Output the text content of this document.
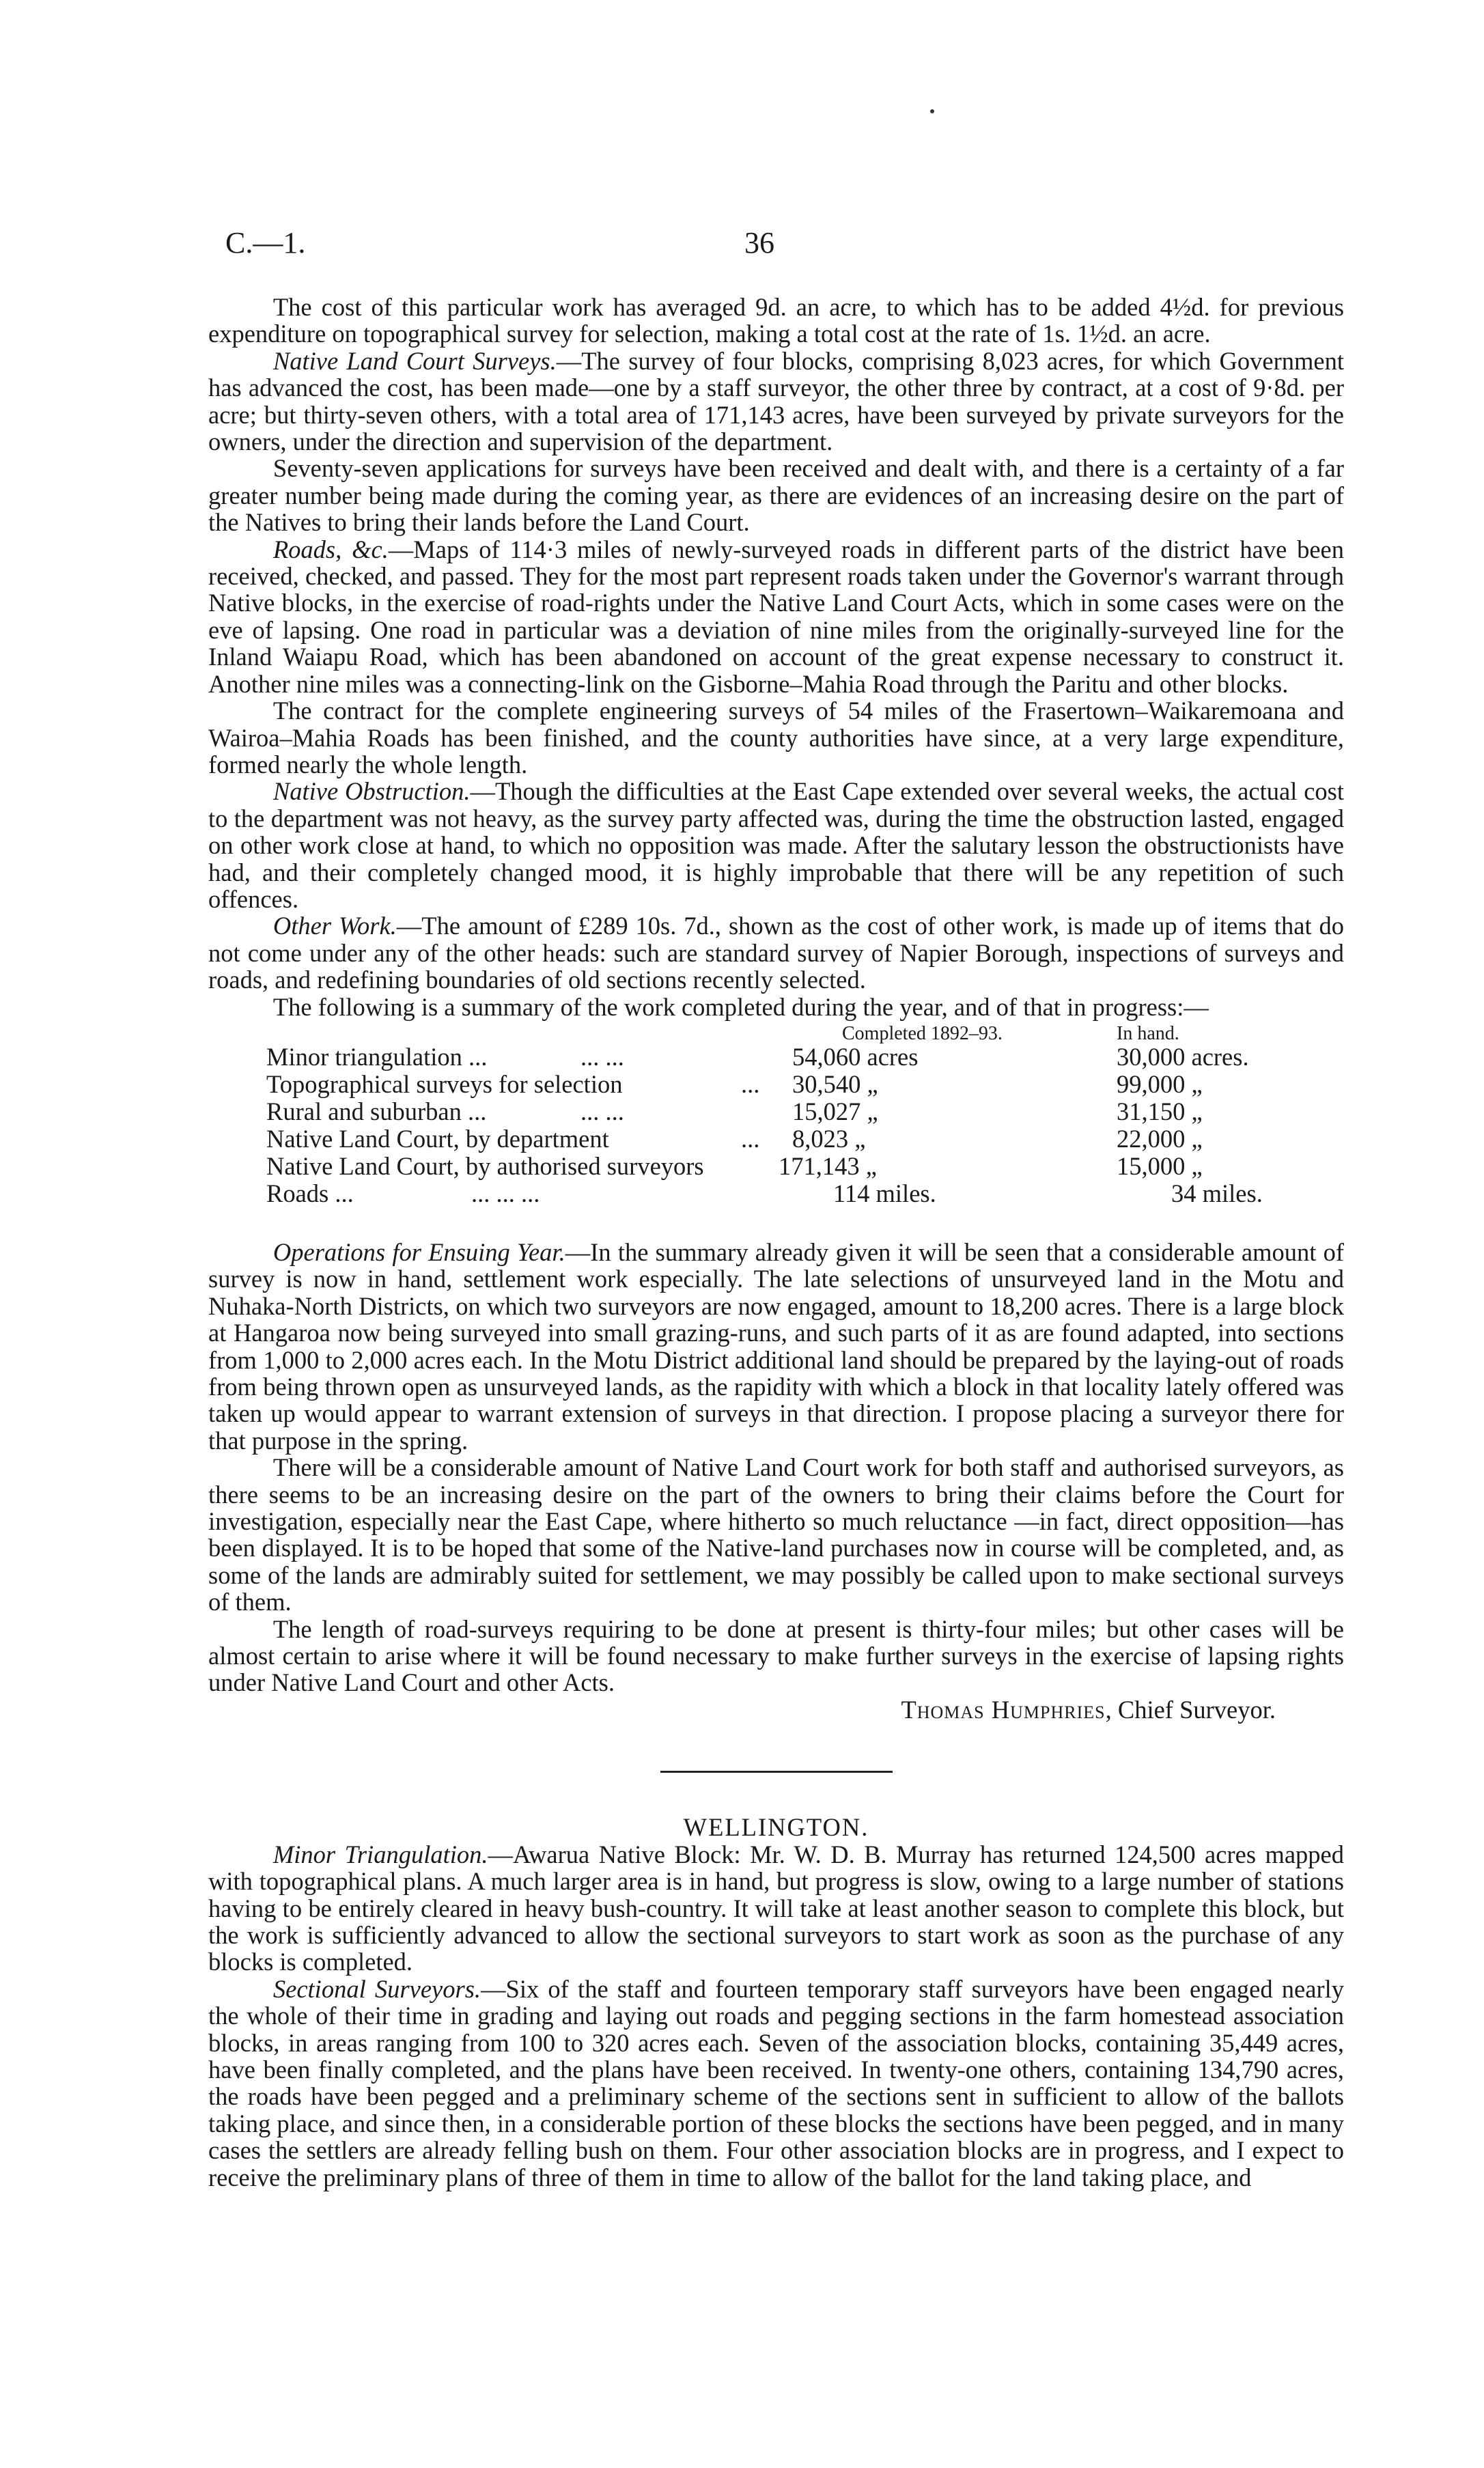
C.—1.	36

The cost of this particular work has averaged 9d. an acre, to which has to be added 4½d. for previous expenditure on topographical survey for selection, making a total cost at the rate of 1s. 1½d. an acre.

Native Land Court Surveys.—The survey of four blocks, comprising 8,023 acres, for which Government has advanced the cost, has been made—one by a staff surveyor, the other three by contract, at a cost of 9·8d. per acre; but thirty-seven others, with a total area of 171,143 acres, have been surveyed by private surveyors for the owners, under the direction and supervision of the department.

Seventy-seven applications for surveys have been received and dealt with, and there is a certainty of a far greater number being made during the coming year, as there are evidences of an increasing desire on the part of the Natives to bring their lands before the Land Court.

Roads, &c.—Maps of 114·3 miles of newly-surveyed roads in different parts of the district have been received, checked, and passed. They for the most part represent roads taken under the Governor's warrant through Native blocks, in the exercise of road-rights under the Native Land Court Acts, which in some cases were on the eve of lapsing. One road in particular was a deviation of nine miles from the originally-surveyed line for the Inland Waiapu Road, which has been abandoned on account of the great expense necessary to construct it. Another nine miles was a connecting-link on the Gisborne–Mahia Road through the Paritu and other blocks.

The contract for the complete engineering surveys of 54 miles of the Frasertown–Waikaremoana and Wairoa–Mahia Roads has been finished, and the county authorities have since, at a very large expenditure, formed nearly the whole length.

Native Obstruction.—Though the difficulties at the East Cape extended over several weeks, the actual cost to the department was not heavy, as the survey party affected was, during the time the obstruction lasted, engaged on other work close at hand, to which no opposition was made. After the salutary lesson the obstructionists have had, and their completely changed mood, it is highly improbable that there will be any repetition of such offences.

Other Work.—The amount of £289 10s. 7d., shown as the cost of other work, is made up of items that do not come under any of the other heads: such are standard survey of Napier Borough, inspections of surveys and roads, and redefining boundaries of old sections recently selected.

The following is a summary of the work completed during the year, and of that in progress:—

Completed 1892–93.	In hand.
Minor triangulation ...	... ...	54,060 acres	30,000 acres.
Topographical surveys for selection	... 30,540 „	99,000 „
Rural and suburban ...	... ...	15,027 „	31,150 „
Native Land Court, by department	... 8,023 „	22,000 „
Native Land Court, by authorised surveyors	171,143 „	15,000 „
Roads ...	... ... ...	114 miles.	34 miles.

Operations for Ensuing Year.—In the summary already given it will be seen that a considerable amount of survey is now in hand, settlement work especially. The late selections of unsurveyed land in the Motu and Nuhaka-North Districts, on which two surveyors are now engaged, amount to 18,200 acres. There is a large block at Hangaroa now being surveyed into small grazing-runs, and such parts of it as are found adapted, into sections from 1,000 to 2,000 acres each. In the Motu District additional land should be prepared by the laying-out of roads from being thrown open as unsurveyed lands, as the rapidity with which a block in that locality lately offered was taken up would appear to warrant extension of surveys in that direction. I propose placing a surveyor there for that purpose in the spring.

There will be a considerable amount of Native Land Court work for both staff and authorised surveyors, as there seems to be an increasing desire on the part of the owners to bring their claims before the Court for investigation, especially near the East Cape, where hitherto so much reluctance —in fact, direct opposition—has been displayed. It is to be hoped that some of the Native-land purchases now in course will be completed, and, as some of the lands are admirably suited for settlement, we may possibly be called upon to make sectional surveys of them.

The length of road-surveys requiring to be done at present is thirty-four miles; but other cases will be almost certain to arise where it will be found necessary to make further surveys in the exercise of lapsing rights under Native Land Court and other Acts.

Thomas Humphries, Chief Surveyor.

WELLINGTON.

Minor Triangulation.—Awarua Native Block: Mr. W. D. B. Murray has returned 124,500 acres mapped with topographical plans. A much larger area is in hand, but progress is slow, owing to a large number of stations having to be entirely cleared in heavy bush-country. It will take at least another season to complete this block, but the work is sufficiently advanced to allow the sectional surveyors to start work as soon as the purchase of any blocks is completed.

Sectional Surveyors.—Six of the staff and fourteen temporary staff surveyors have been engaged nearly the whole of their time in grading and laying out roads and pegging sections in the farm homestead association blocks, in areas ranging from 100 to 320 acres each. Seven of the association blocks, containing 35,449 acres, have been finally completed, and the plans have been received. In twenty-one others, containing 134,790 acres, the roads have been pegged and a preliminary scheme of the sections sent in sufficient to allow of the ballots taking place, and since then, in a considerable portion of these blocks the sections have been pegged, and in many cases the settlers are already felling bush on them. Four other association blocks are in progress, and I expect to receive the preliminary plans of three of them in time to allow of the ballot for the land taking place, and
